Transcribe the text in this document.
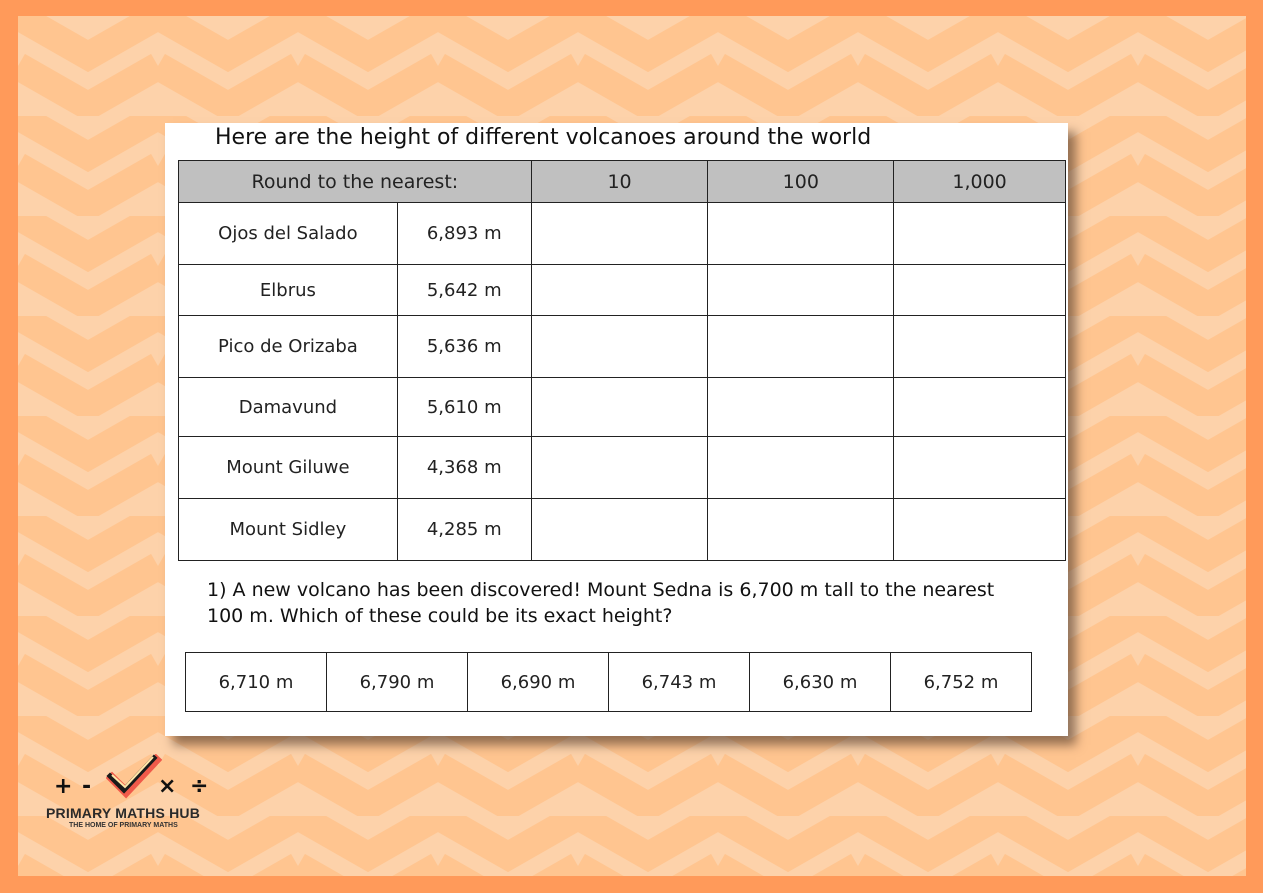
Here are the height of different volcanoes around the world
Round to the nearest:		10	100	1,000
Ojos del Salado	6,893 m			
Elbrus	5,642 m			
Pico de Orizaba	5,636 m			
Damavund	5,610 m			
Mount Giluwe	4,368 m			
Mount Sidley	4,285 m			
1) A new volcano has been discovered! Mount Sedna is 6,700 m tall to the nearest 100 m. Which of these could be its exact height?
6,710 m	6,790 m	6,690 m	6,743 m	6,630 m	6,752 m
+ -	× ÷
PRIMARY MATHS HUB
THE HOME OF PRIMARY MATHS
